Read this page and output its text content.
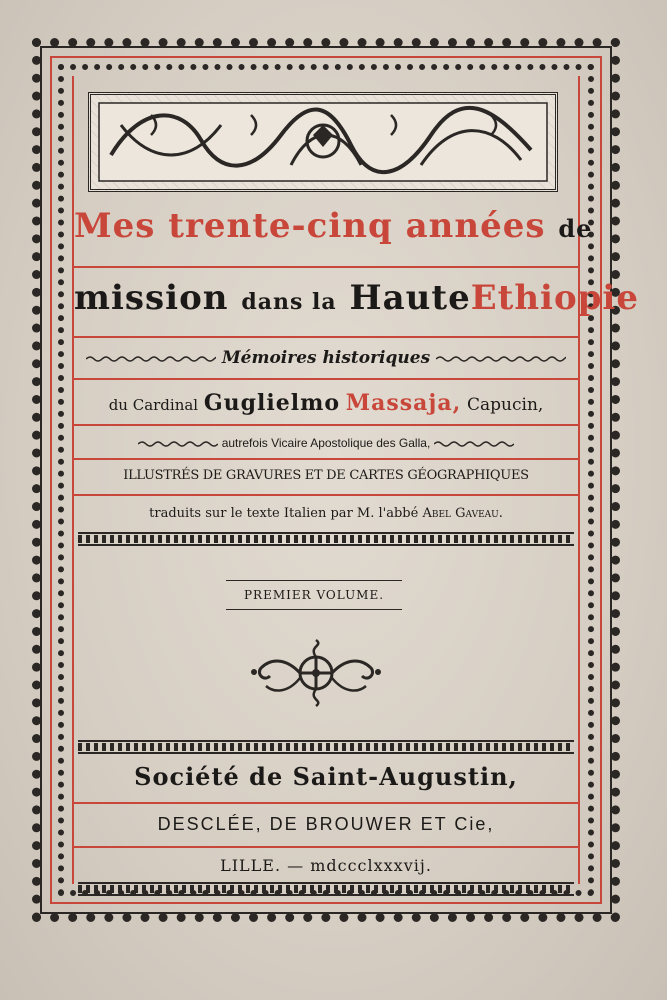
Mes trente-cinq années de
mission dans la HauteEthiopie
Mémoires historiques
du Cardinal Guglielmo Massaja, Capucin,
autrefois Vicaire Apostolique des Galla,
ILLUSTRÉS DE GRAVURES ET DE CARTES GÉOGRAPHIQUES
traduits sur le texte Italien par M. l'abbé Abel Gaveau.
PREMIER VOLUME.
Société de Saint-Augustin,
DESCLÉE, DE BROUWER ET Cie,
LILLE. — mdccclxxxvij.
